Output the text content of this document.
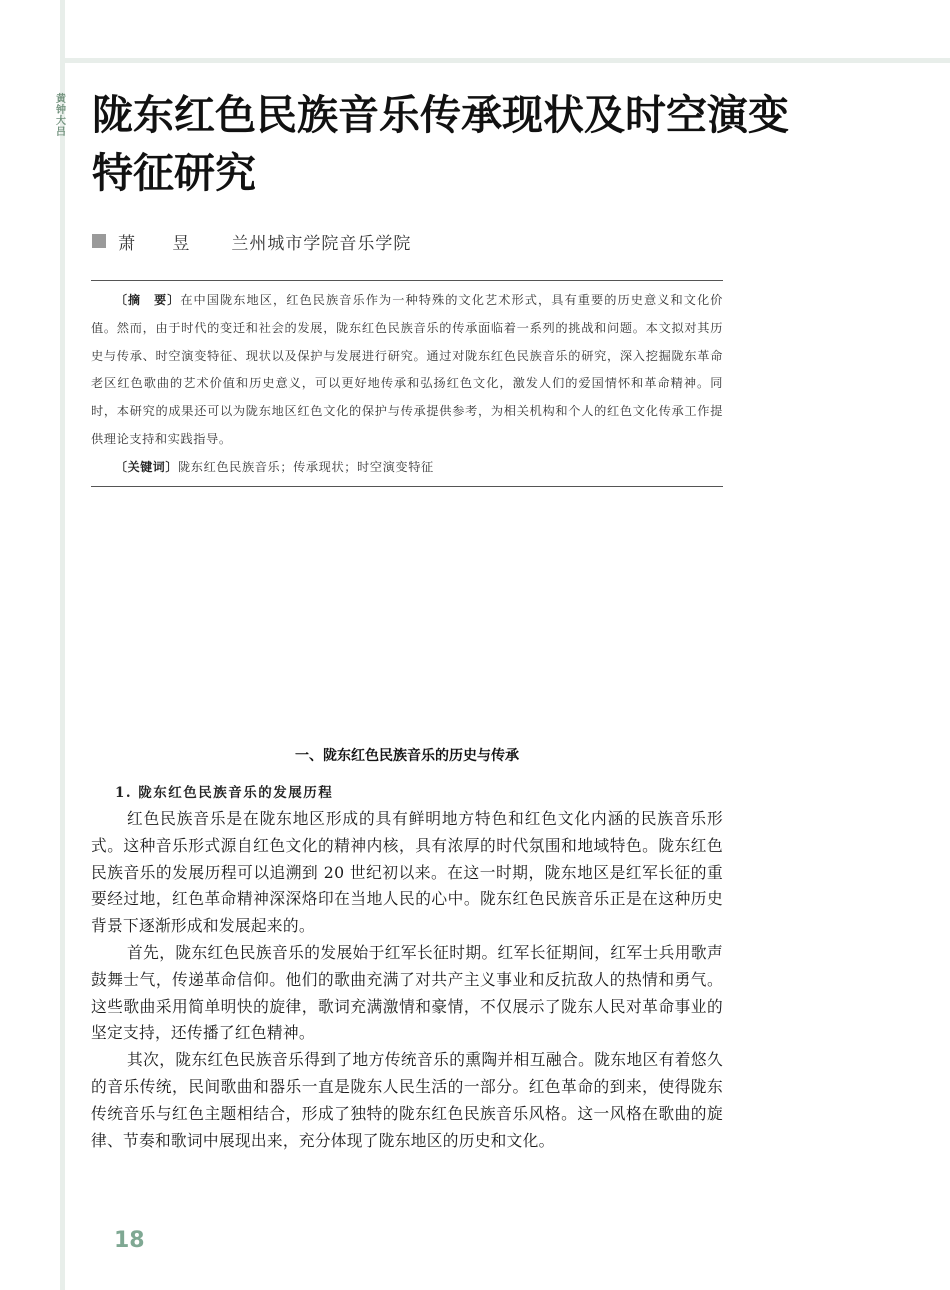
黄钟大吕 陇东红色民族音乐传承现状及时空演变
特征研究
萧 昱 兰州城市学院音乐学院

〔摘　要〕在中国陇东地区，红色民族音乐作为一种特殊的文化艺术形式，具有重要的历史意义和文化价值。然而，由于时代的变迁和社会的发展，陇东红色民族音乐的传承面临着一系列的挑战和问题。本文拟对其历史与传承、时空演变特征、现状以及保护与发展进行研究。通过对陇东红色民族音乐的研究，深入挖掘陇东革命老区红色歌曲的艺术价值和历史意义，可以更好地传承和弘扬红色文化，激发人们的爱国情怀和革命精神。同时，本研究的成果还可以为陇东地区红色文化的保护与传承提供参考，为相关机构和个人的红色文化传承工作提供理论支持和实践指导。

〔关键词〕陇东红色民族音乐；传承现状；时空演变特征

一、陇东红色民族音乐的历史与传承
1. 陇东红色民族音乐的发展历程

红色民族音乐是在陇东地区形成的具有鲜明地方特色和红色文化内涵的民族音乐形式。这种音乐形式源自红色文化的精神内核，具有浓厚的时代氛围和地域特色。陇东红色民族音乐的发展历程可以追溯到 20 世纪初以来。在这一时期，陇东地区是红军长征的重要经过地，红色革命精神深深烙印在当地人民的心中。陇东红色民族音乐正是在这种历史背景下逐渐形成和发展起来的。

首先，陇东红色民族音乐的发展始于红军长征时期。红军长征期间，红军士兵用歌声鼓舞士气，传递革命信仰。他们的歌曲充满了对共产主义事业和反抗敌人的热情和勇气。这些歌曲采用简单明快的旋律，歌词充满激情和豪情，不仅展示了陇东人民对革命事业的坚定支持，还传播了红色精神。

其次，陇东红色民族音乐得到了地方传统音乐的熏陶并相互融合。陇东地区有着悠久的音乐传统，民间歌曲和器乐一直是陇东人民生活的一部分。红色革命的到来，使得陇东传统音乐与红色主题相结合，形成了独特的陇东红色民族音乐风格。这一风格在歌曲的旋律、节奏和歌词中展现出来，充分体现了陇东地区的历史和文化。

18
